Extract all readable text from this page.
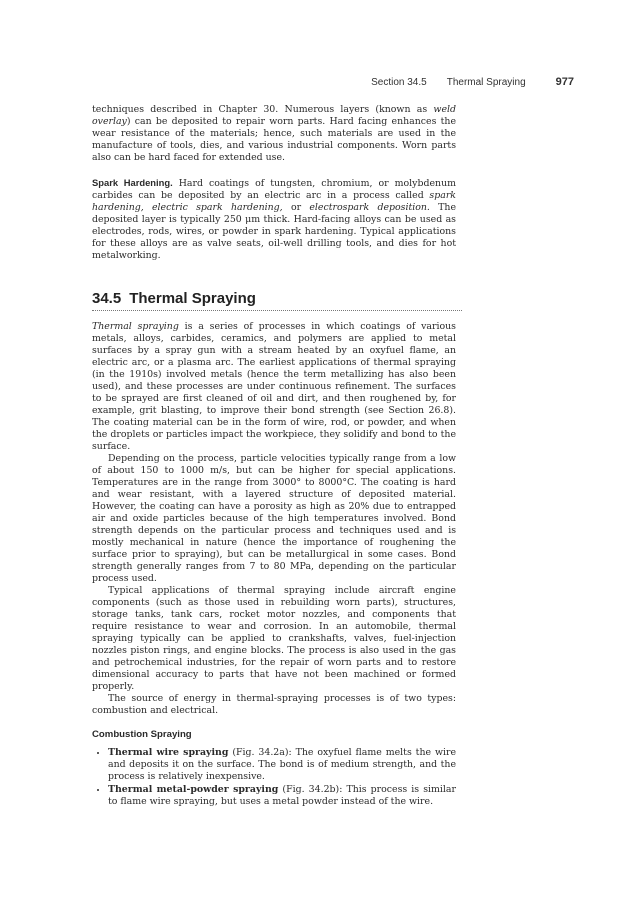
Section 34.5 Thermal Spraying	977

techniques described in Chapter 30. Numerous layers (known as weld overlay) can be deposited to repair worn parts. Hard facing enhances the wear resistance of the materials; hence, such materials are used in the manufacture of tools, dies, and various industrial components. Worn parts also can be hard faced for extended use.

Spark Hardening. Hard coatings of tungsten, chromium, or molybdenum carbides can be deposited by an electric arc in a process called spark hardening, electric spark hardening, or electrospark deposition. The deposited layer is typically 250 μm thick. Hard-facing alloys can be used as electrodes, rods, wires, or powder in spark hardening. Typical applications for these alloys are as valve seats, oil-well drilling tools, and dies for hot metalworking.

34.5 Thermal Spraying

Thermal spraying is a series of processes in which coatings of various metals, alloys, carbides, ceramics, and polymers are applied to metal surfaces by a spray gun with a stream heated by an oxyfuel flame, an electric arc, or a plasma arc. The earliest applications of thermal spraying (in the 1910s) involved metals (hence the term metallizing has also been used), and these processes are under continuous refinement. The surfaces to be sprayed are first cleaned of oil and dirt, and then roughened by, for example, grit blasting, to improve their bond strength (see Section 26.8). The coating material can be in the form of wire, rod, or powder, and when the droplets or particles impact the workpiece, they solidify and bond to the surface.

Depending on the process, particle velocities typically range from a low of about 150 to 1000 m/s, but can be higher for special applications. Temperatures are in the range from 3000° to 8000°C. The coating is hard and wear resistant, with a layered structure of deposited material. However, the coating can have a porosity as high as 20% due to entrapped air and oxide particles because of the high temperatures involved. Bond strength depends on the particular process and techniques used and is mostly mechanical in nature (hence the importance of roughening the surface prior to spraying), but can be metallurgical in some cases. Bond strength generally ranges from 7 to 80 MPa, depending on the particular process used.

Typical applications of thermal spraying include aircraft engine components (such as those used in rebuilding worn parts), structures, storage tanks, tank cars, rocket motor nozzles, and components that require resistance to wear and corrosion. In an automobile, thermal spraying typically can be applied to crankshafts, valves, fuel-injection nozzles piston rings, and engine blocks. The process is also used in the gas and petrochemical industries, for the repair of worn parts and to restore dimensional accuracy to parts that have not been machined or formed properly.

The source of energy in thermal-spraying processes is of two types: combustion and electrical.

Combustion Spraying
• Thermal wire spraying (Fig. 34.2a): The oxyfuel flame melts the wire and deposits it on the surface. The bond is of medium strength, and the process is relatively inexpensive.
• Thermal metal-powder spraying (Fig. 34.2b): This process is similar to flame wire spraying, but uses a metal powder instead of the wire.
